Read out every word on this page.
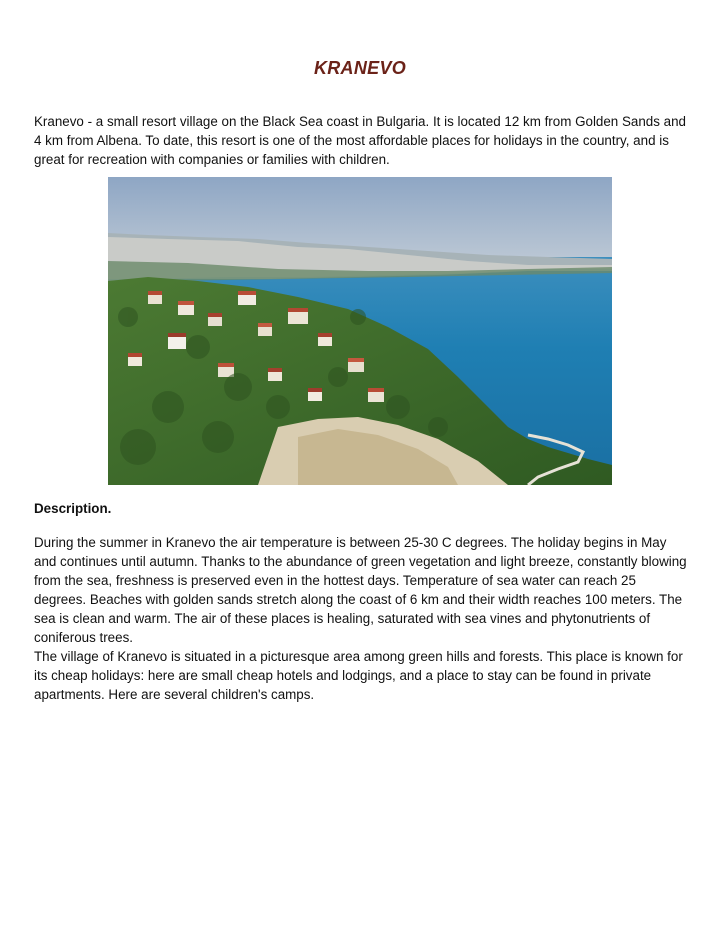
KRANEVO

Kranevo - a small resort village on the Black Sea coast in Bulgaria. It is located 12 km from Golden Sands and 4 km from Albena. To date, this resort is one of the most affordable places for holidays in the country, and is great for recreation with companies or families with children.

Description.

During the summer in Kranevo the air temperature is between 25-30 C degrees. The holiday begins in May and continues until autumn. Thanks to the abundance of green vegetation and light breeze, constantly blowing from the sea, freshness is preserved even in the hottest days. Temperature of sea water can reach 25 degrees. Beaches with golden sands stretch along the coast of 6 km and their width reaches 100 meters. The sea is clean and warm. The air of these places is healing, saturated with sea vines and phytonutrients of coniferous trees.

The village of Kranevo is situated in a picturesque area among green hills and forests. This place is known for its cheap holidays: here are small cheap hotels and lodgings, and a place to stay can be found in private apartments. Here are several children's camps.
